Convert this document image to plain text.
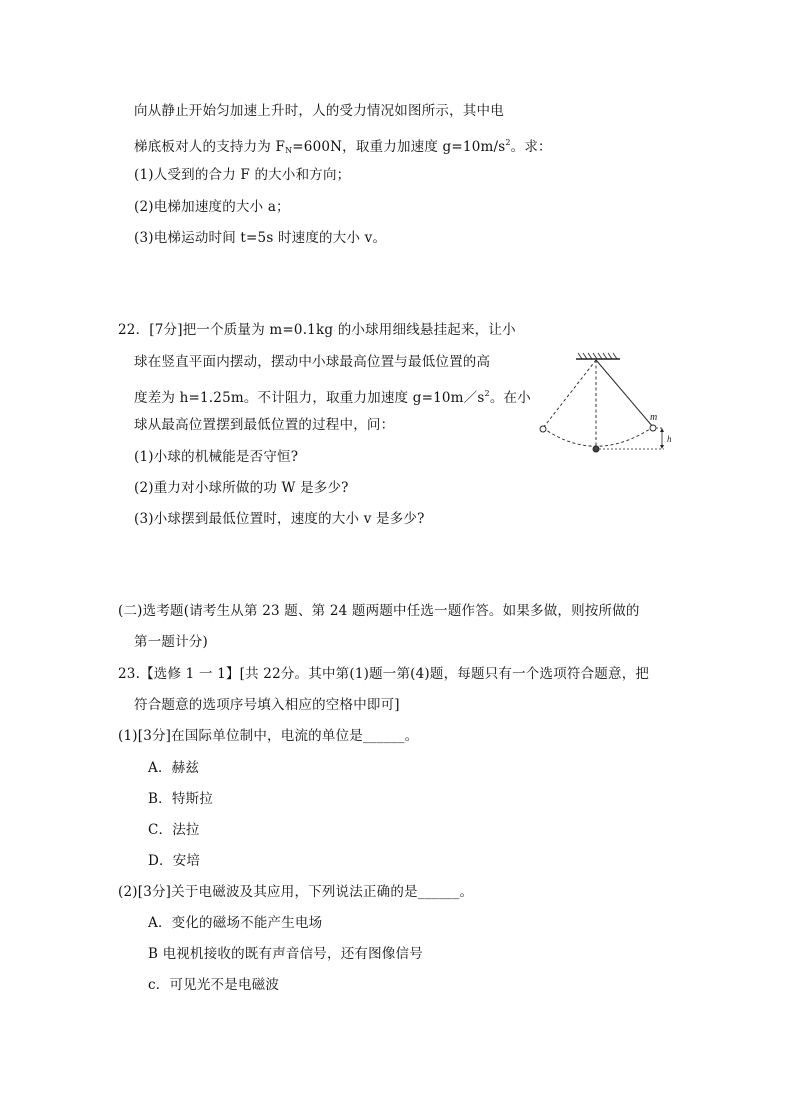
向从静止开始匀加速上升时，人的受力情况如图所示，其中电
梯底板对人的支持力为 $F_N=600N$，取重力加速度 $g=10m/s^2$。求：
(1)人受到的合力 F 的大小和方向；
(2)电梯加速度的大小 a；
(3)电梯运动时间 t=5s 时速度的大小 v。
22．[7分]把一个质量为 m=0.1kg 的小球用细线悬挂起来，让小
球在竖直平面内摆动，摆动中小球最高位置与最低位置的高
度差为 h=1.25m。不计阻力，取重力加速度 $g=10m/s^2$。在小
球从最高位置摆到最低位置的过程中，问：
(1)小球的机械能是否守恒?
(2)重力对小球所做的功 W 是多少?
(3)小球摆到最低位置时，速度的大小 v 是多少?
m
h
(二)选考题(请考生从第 23 题、第 24 题两题中任选一题作答。如果多做，则按所做的
第一题计分)
23.【选修 1 一 1】[共 22分。其中第(1)题一第(4)题，每题只有一个选项符合题意，把
符合题意的选项序号填入相应的空格中即可]
(1)[3分]在国际单位制中，电流的单位是______。
A．赫兹
B．特斯拉
C．法拉
D．安培
(2)[3分]关于电磁波及其应用，下列说法正确的是______。
A．变化的磁场不能产生电场
B 电视机接收的既有声音信号，还有图像信号
c．可见光不是电磁波
